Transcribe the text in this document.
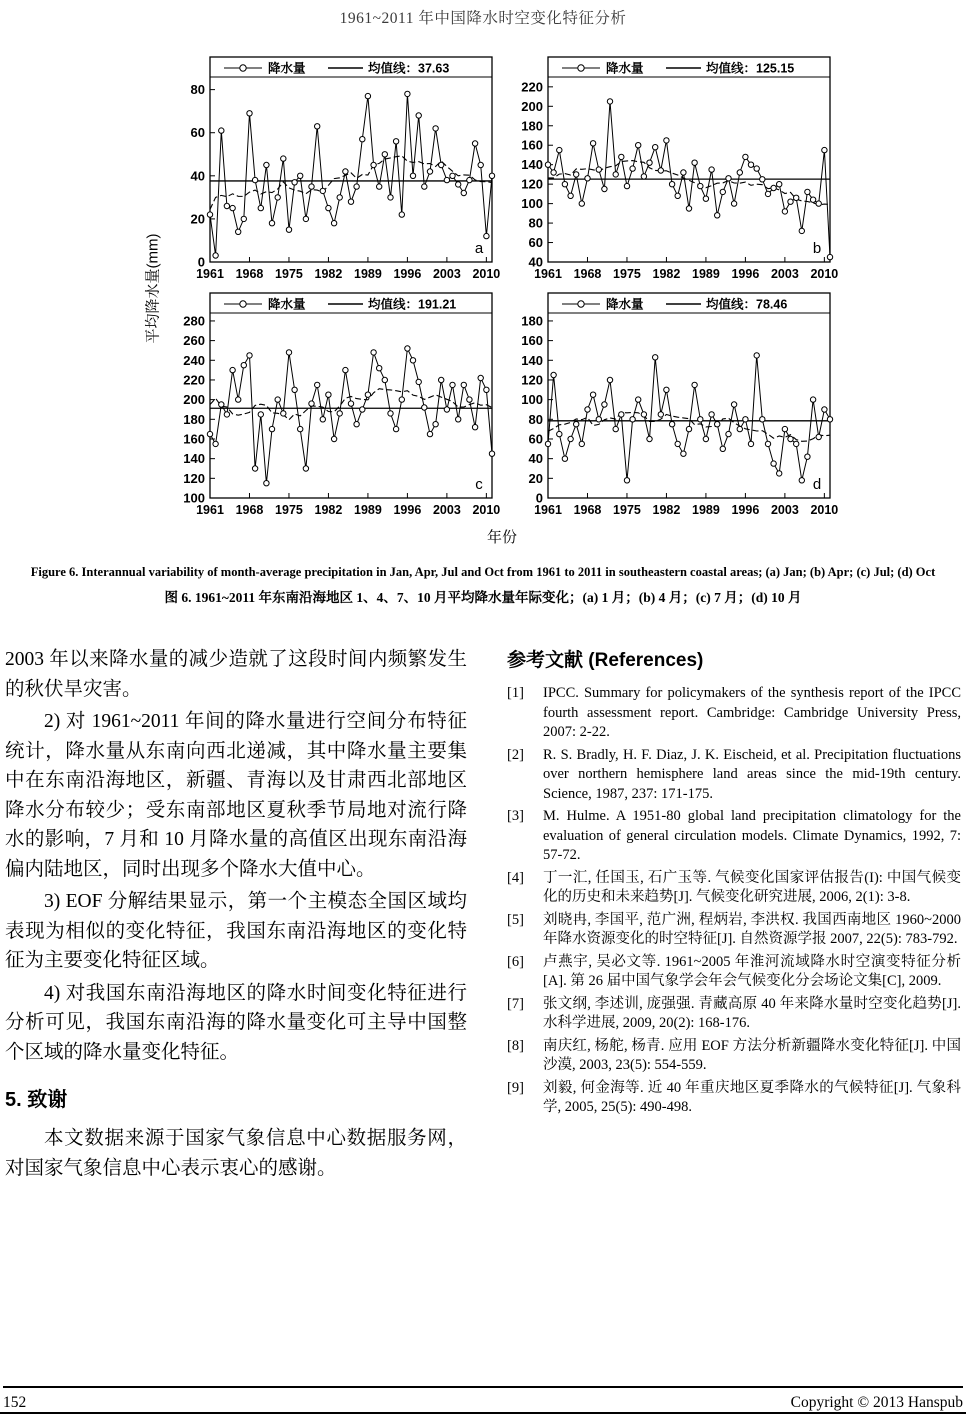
1961~2011 年中国降水时空变化特征分析
平均降水量(mm)
降水量	均值线：37.63
0
20
40
60
80
1961 1968 1975 1982 1989 1996 2003 2010
a
降水量	均值线：125.15
40
60
80
100
120
140
160
180
200
220
1961 1968 1975 1982 1989 1996 2003 2010
b
降水量	均值线：191.21
100
120
140
160
180
200
220
240
260
280
1961 1968 1975 1982 1989 1996 2003 2010
c
降水量	均值线：78.46
0
20
40
60
80
100
120
140
160
180
1961 1968 1975 1982 1989 1996 2003 2010
d
年份

Figure 6. Interannual variability of month-average precipitation in Jan, Apr, Jul and Oct from 1961 to 2011 in southeastern coastal areas; (a) Jan; (b) Apr; (c) Jul; (d) Oct

图 6. 1961~2011 年东南沿海地区 1、4、7、10 月平均降水量年际变化；(a) 1 月；(b) 4 月；(c) 7 月；(d) 10 月

2003 年以来降水量的减少造就了这段时间内频繁发生的秋伏旱灾害。

2) 对 1961~2011 年间的降水量进行空间分布特征统计，降水量从东南向西北递减，其中降水量主要集中在东南沿海地区，新疆、青海以及甘肃西北部地区降水分布较少；受东南部地区夏秋季节局地对流行降水的影响，7 月和 10 月降水量的高值区出现东南沿海偏内陆地区，同时出现多个降水大值中心。

3) EOF 分解结果显示，第一个主模态全国区域均表现为相似的变化特征，我国东南沿海地区的变化特征为主要变化特征区域。

4) 对我国东南沿海地区的降水时间变化特征进行分析可见，我国东南沿海的降水量变化可主导中国整个区域的降水量变化特征。

5. 致谢

本文数据来源于国家气象信息中心数据服务网，对国家气象信息中心表示衷心的感谢。

参考文献 (References)
[1]	IPCC. Summary for policymakers of the synthesis report of the IPCC fourth assessment report. Cambridge: Cambridge University Press, 2007: 2-22.
[2]	R. S. Bradly, H. F. Diaz, J. K. Eischeid, et al. Precipitation fluctuations over northern hemisphere land areas since the mid-19th century. Science, 1987, 237: 171-175.
[3]	M. Hulme. A 1951-80 global land precipitation climatology for the evaluation of general circulation models. Climate Dynamics, 1992, 7: 57-72.
[4]	丁一汇, 任国玉, 石广玉等. 气候变化国家评估报告(I): 中国气候变化的历史和未来趋势[J]. 气候变化研究进展, 2006, 2(1): 3-8.
[5]	刘晓冉, 李国平, 范广洲, 程炳岩, 李洪权. 我国西南地区 1960~2000 年降水资源变化的时空特征[J]. 自然资源学报 2007, 22(5): 783-792.
[6]	卢燕宇, 吴必文等. 1961~2005 年淮河流域降水时空演变特征分析[A]. 第 26 届中国气象学会年会气候变化分会场论文集[C], 2009.
[7]	张文纲, 李述训, 庞强强. 青藏高原 40 年来降水量时空变化趋势[J]. 水科学进展, 2009, 20(2): 168-176.
[8]	南庆红, 杨舵, 杨青. 应用 EOF 方法分析新疆降水变化特征[J]. 中国沙漠, 2003, 23(5): 554-559.
[9]	刘毅, 何金海等. 近 40 年重庆地区夏季降水的气候特征[J]. 气象科学, 2005, 25(5): 490-498.
152	Copyright © 2013 Hanspub
